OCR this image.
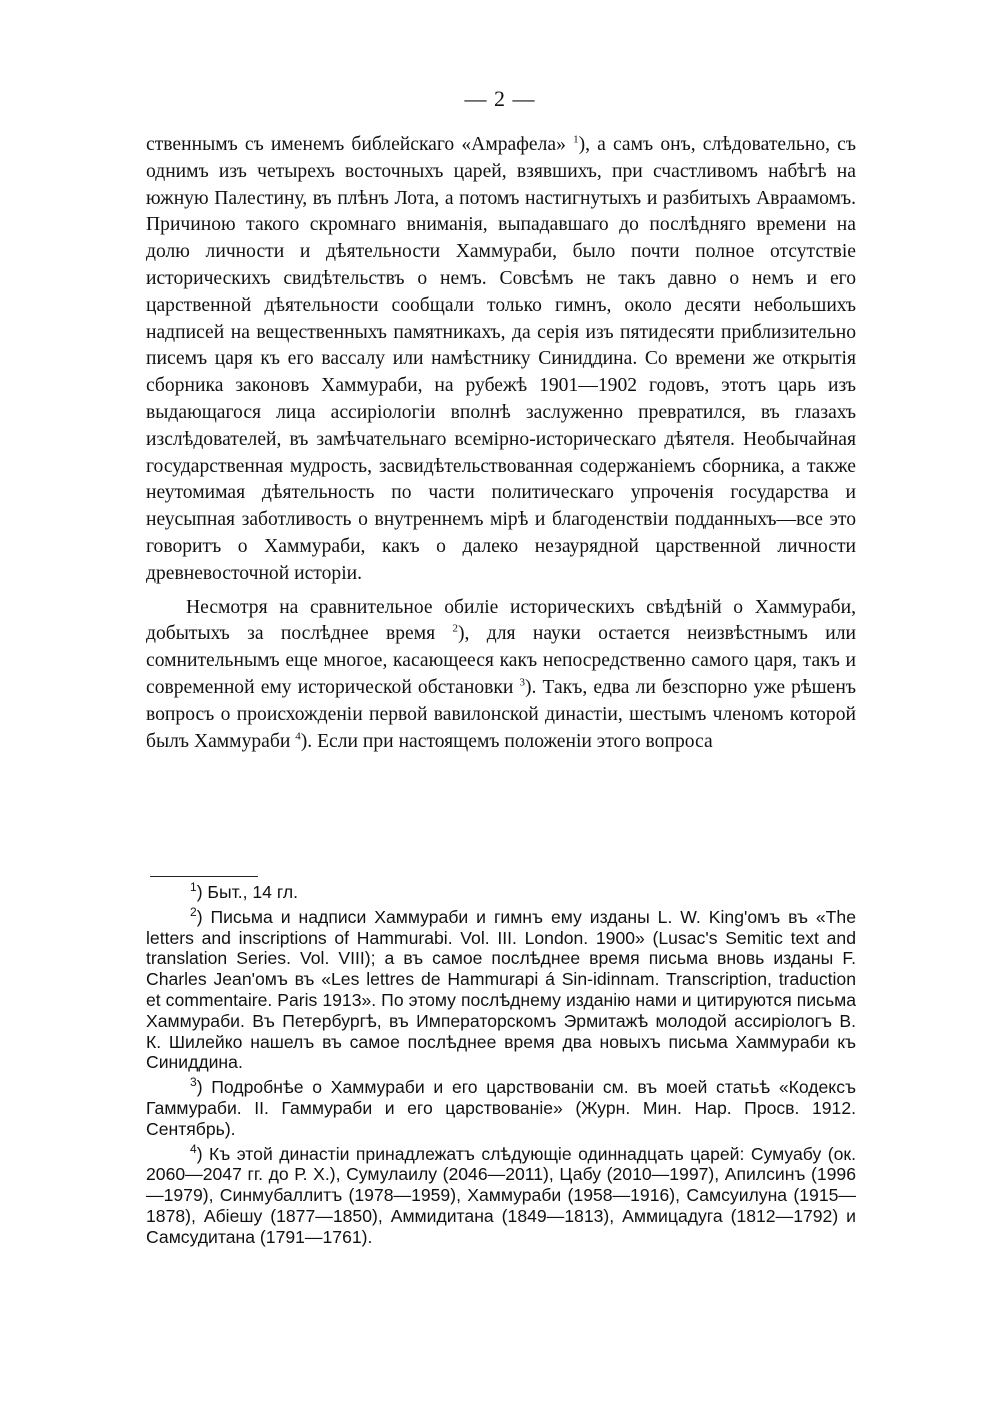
— 2 —

ственнымъ съ именемъ библейскаго «Амрафела» $^1$), а самъ онъ, слѣдовательно, съ однимъ изъ четырехъ восточныхъ царей, взявшихъ, при счастливомъ набѣгѣ на южную Палестину, въ плѣнъ Лота, а потомъ настигнутыхъ и разбитыхъ Авраамомъ. Причиною такого скромнаго вниманія, выпадавшаго до послѣдняго времени на долю личности и дѣятельности Хаммураби, было почти полное отсутствіе историческихъ свидѣтельствъ о немъ. Совсѣмъ не такъ давно о немъ и его царственной дѣятельности сообщали только гимнъ, около десяти небольшихъ надписей на вещественныхъ памятникахъ, да серія изъ пятидесяти приблизительно писемъ царя къ его вассалу или намѣстнику Синиддина. Со времени же открытія сборника законовъ Хаммураби, на рубежѣ 1901—1902 годовъ, этотъ царь изъ выдающагося лица ассиріологіи вполнѣ заслуженно превратился, въ глазахъ изслѣдователей, въ замѣчательнаго всемірно-историческаго дѣятеля. Необычайная государственная мудрость, засвидѣтельствованная содержаніемъ сборника, а также неутомимая дѣятельность по части политическаго упроченія государства и неусыпная заботливость о внутреннемъ мірѣ и благоденствіи подданныхъ—все это говоритъ о Хаммураби, какъ о далеко незаурядной царственной личности древневосточной исторіи.

Несмотря на сравнительное обиліе историческихъ свѣдѣній о Хаммураби, добытыхъ за послѣднее время $^2$), для науки остается неизвѣстнымъ или сомнительнымъ еще многое, касающееся какъ непосредственно самого царя, такъ и современной ему исторической обстановки $^3$). Такъ, едва ли безспорно уже рѣшенъ вопросъ о происхожденіи первой вавилонской династіи, шестымъ членомъ которой былъ Хаммураби $^4$). Если при настоящемъ положеніи этого вопроса

$^1$) Быт., 14 гл.

$^2$) Письма и надписи Хаммураби и гимнъ ему изданы L. W. King'омъ въ «The letters and inscriptions of Hammurabi. Vol. III. London. 1900» (Lusac's Semitic text and translation Series. Vol. VIII); а въ самое послѣднее время письма вновь изданы F. Charles Jean'омъ въ «Les lettres de Hammurapi á Sin-idinnam. Transcription, traduction et commentaire. Paris 1913». По этому послѣднему изданію нами и цитируются письма Хаммураби. Въ Петербургѣ, въ Императорскомъ Эрмитажѣ молодой ассиріологъ В. К. Шилейко нашелъ въ самое послѣднее время два новыхъ письма Хаммураби къ Синиддина.

$^3$) Подробнѣе о Хаммураби и его царствованіи см. въ моей статьѣ «Кодексъ Гаммураби. II. Гаммураби и его царствованіе» (Журн. Мин. Нар. Просв. 1912. Сентябрь).

$^4$) Къ этой династіи принадлежатъ слѣдующіе одиннадцать царей: Сумуабу (ок. 2060—2047 гг. до Р. Х.), Сумулаилу (2046—2011), Цабу (2010—1997), Апилсинъ (1996—1979), Синмубаллитъ (1978—1959), Хаммураби (1958—1916), Самсуилуна (1915—1878), Абіешу (1877—1850), Аммидитана (1849—1813), Аммицадуга (1812—1792) и Самсудитана (1791—1761).
